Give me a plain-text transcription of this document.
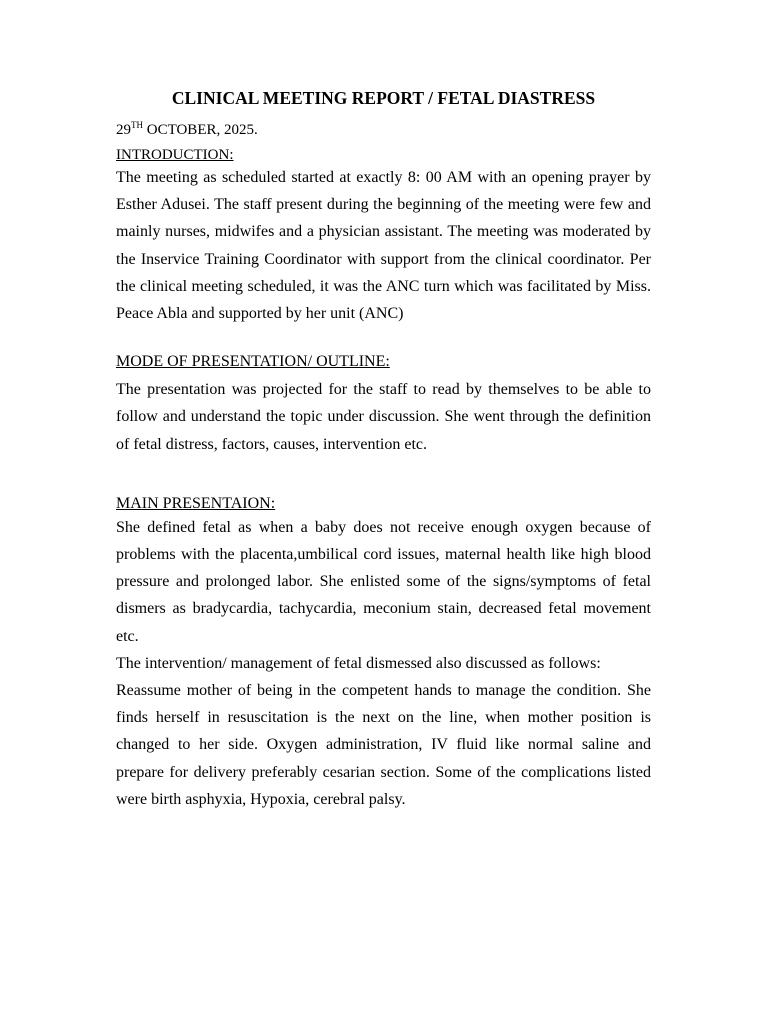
CLINICAL MEETING REPORT / FETAL DIASTRESS
29TH OCTOBER, 2025.
INTRODUCTION:

The meeting as scheduled started at exactly 8: 00 AM with an opening prayer by Esther Adusei. The staff present during the beginning of the meeting were few and mainly nurses, midwifes and a physician assistant. The meeting was moderated by the Inservice Training Coordinator with support from the clinical coordinator. Per the clinical meeting scheduled, it was the ANC turn which was facilitated by Miss. Peace Abla and supported by her unit (ANC)

MODE OF PRESENTATION/ OUTLINE:

The presentation was projected for the staff to read by themselves to be able to follow and understand the topic under discussion. She went through the definition of fetal distress, factors, causes, intervention etc.

MAIN PRESENTAION:

She defined fetal as when a baby does not receive enough oxygen because of problems with the placenta,umbilical cord issues, maternal health like high blood pressure and prolonged labor. She enlisted some of the signs/symptoms of fetal dismers as bradycardia, tachycardia, meconium stain, decreased fetal movement etc.

The intervention/ management of fetal dismessed also discussed as follows:

Reassume mother of being in the competent hands to manage the condition. She finds herself in resuscitation is the next on the line, when mother position is changed to her side. Oxygen administration, IV fluid like normal saline and prepare for delivery preferably cesarian section. Some of the complications listed were birth asphyxia, Hypoxia, cerebral palsy.
